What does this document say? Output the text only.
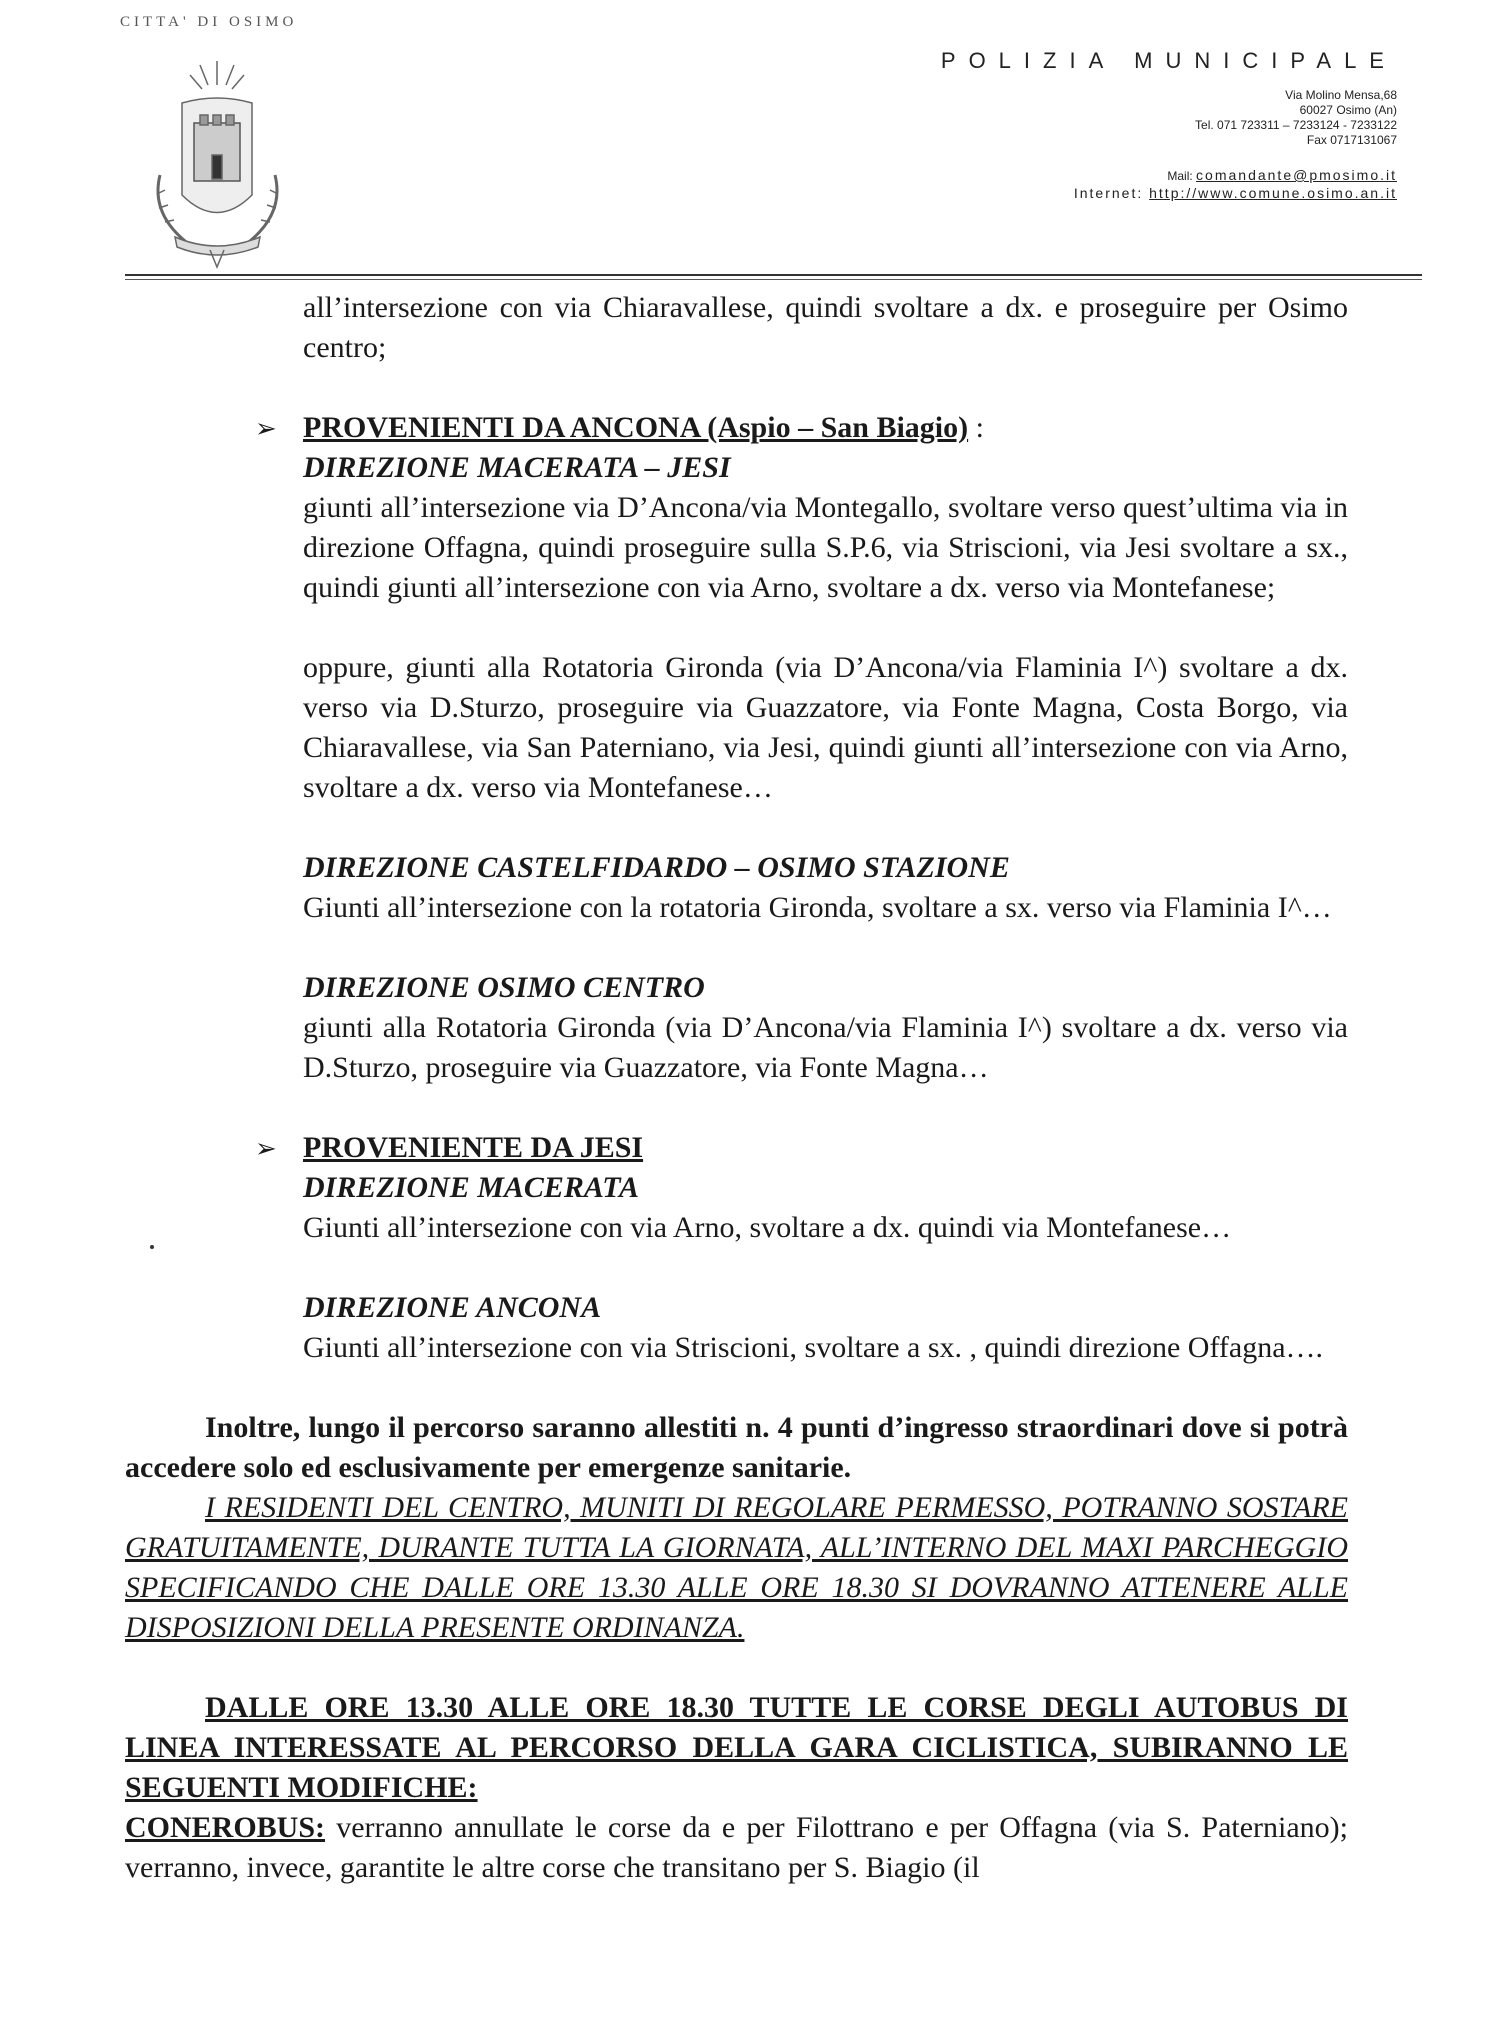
CITTA' DI OSIMO
POLIZIA MUNICIPALE
Via Molino Mensa,68
60027 Osimo (An)
Tel. 071 723311 – 7233124 - 7233122
Fax 0717131067
Mail: comandante@pmosimo.it
Internet: http://www.comune.osimo.an.it
all’intersezione con via Chiaravallese, quindi svoltare a dx. e proseguire per Osimo centro;
➢ PROVENIENTI DA ANCONA (Aspio – San Biagio) :
DIREZIONE MACERATA – JESI
giunti all’intersezione via D’Ancona/via Montegallo, svoltare verso quest’ultima via in direzione Offagna, quindi proseguire sulla S.P.6, via Striscioni, via Jesi svoltare a sx., quindi giunti all’intersezione con via Arno, svoltare a dx. verso via Montefanese;
oppure, giunti alla Rotatoria Gironda (via D’Ancona/via Flaminia I^) svoltare a dx. verso via D.Sturzo, proseguire via Guazzatore, via Fonte Magna, Costa Borgo, via Chiaravallese, via San Paterniano, via Jesi, quindi giunti all’intersezione con via Arno, svoltare a dx. verso via Montefanese…
DIREZIONE CASTELFIDARDO – OSIMO STAZIONE
Giunti all’intersezione con la rotatoria Gironda, svoltare a sx. verso via Flaminia I^…
DIREZIONE OSIMO CENTRO
giunti alla Rotatoria Gironda (via D’Ancona/via Flaminia I^) svoltare a dx. verso via D.Sturzo, proseguire via Guazzatore, via Fonte Magna…
➢ PROVENIENTE DA JESI
DIREZIONE MACERATA
Giunti all’intersezione con via Arno, svoltare a dx. quindi via Montefanese…
DIREZIONE ANCONA
Giunti all’intersezione con via Striscioni, svoltare a sx. , quindi direzione Offagna….
Inoltre, lungo il percorso saranno allestiti n. 4 punti d’ingresso straordinari dove si potrà accedere solo ed esclusivamente per emergenze sanitarie.
I RESIDENTI DEL CENTRO, MUNITI DI REGOLARE PERMESSO, POTRANNO SOSTARE GRATUITAMENTE, DURANTE TUTTA LA GIORNATA, ALL’INTERNO DEL MAXI PARCHEGGIO SPECIFICANDO CHE DALLE ORE 13.30 ALLE ORE 18.30 SI DOVRANNO ATTENERE ALLE DISPOSIZIONI DELLA PRESENTE ORDINANZA.
DALLE ORE 13.30 ALLE ORE 18.30 TUTTE LE CORSE DEGLI AUTOBUS DI LINEA INTERESSATE AL PERCORSO DELLA GARA CICLISTICA, SUBIRANNO LE SEGUENTI MODIFICHE:
CONEROBUS: verranno annullate le corse da e per Filottrano e per Offagna (via S. Paterniano); verranno, invece, garantite le altre corse che transitano per S. Biagio (il
